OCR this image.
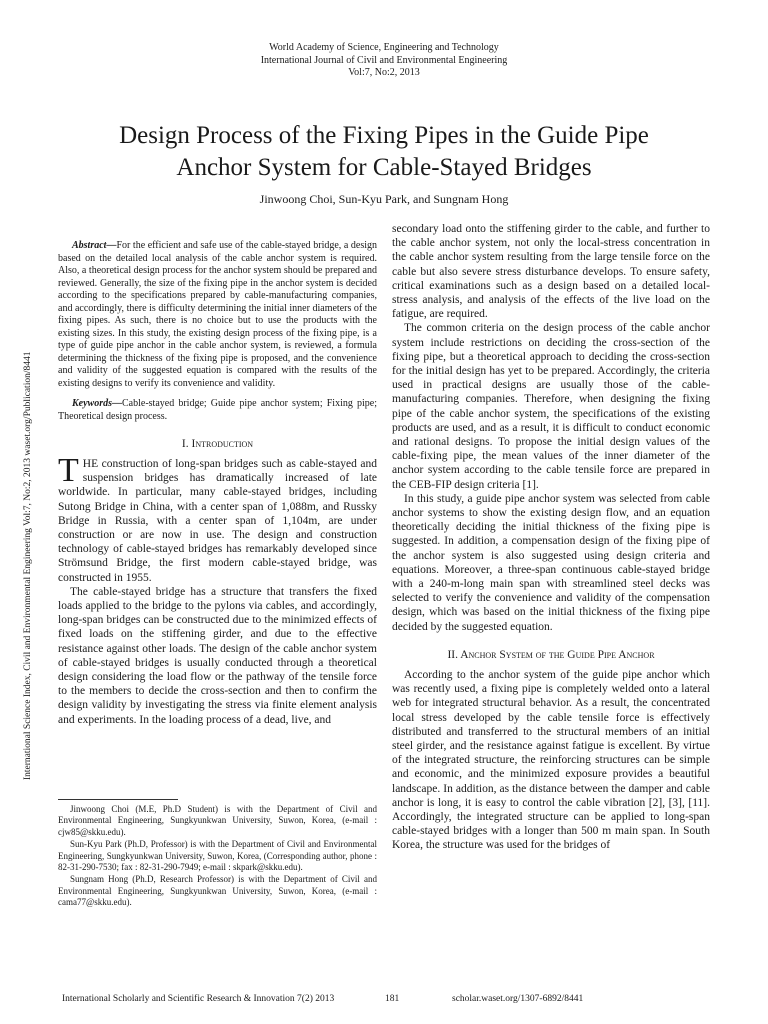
World Academy of Science, Engineering and Technology
International Journal of Civil and Environmental Engineering
Vol:7, No:2, 2013
Design Process of the Fixing Pipes in the Guide Pipe
Anchor System for Cable-Stayed Bridges
Jinwoong Choi, Sun-Kyu Park, and Sungnam Hong
International Science Index, Civil and Environmental Engineering Vol:7, No:2, 2013 waset.org/Publication/8441

Abstract—For the efficient and safe use of the cable-stayed bridge, a design based on the detailed local analysis of the cable anchor system is required. Also, a theoretical design process for the anchor system should be prepared and reviewed. Generally, the size of the fixing pipe in the anchor system is decided according to the specifications prepared by cable-manufacturing companies, and accordingly, there is difficulty determining the initial inner diameters of the fixing pipes. As such, there is no choice but to use the products with the existing sizes. In this study, the existing design process of the fixing pipe, is a type of guide pipe anchor in the cable anchor system, is reviewed, a formula determining the thickness of the fixing pipe is proposed, and the convenience and validity of the suggested equation is compared with the results of the existing designs to verify its convenience and validity.

Keywords—Cable-stayed bridge; Guide pipe anchor system; Fixing pipe; Theoretical design process.

I. Introduction

THE construction of long-span bridges such as cable-stayed and suspension bridges has dramatically increased of late worldwide. In particular, many cable-stayed bridges, including Sutong Bridge in China, with a center span of 1,088m, and Russky Bridge in Russia, with a center span of 1,104m, are under construction or are now in use. The design and construction technology of cable-stayed bridges has remarkably developed since Strömsund Bridge, the first modern cable-stayed bridge, was constructed in 1955.

The cable-stayed bridge has a structure that transfers the fixed loads applied to the bridge to the pylons via cables, and accordingly, long-span bridges can be constructed due to the minimized effects of fixed loads on the stiffening girder, and due to the effective resistance against other loads. The design of the cable anchor system of cable-stayed bridges is usually conducted through a theoretical design considering the load flow or the pathway of the tensile force to the members to decide the cross-section and then to confirm the design validity by investigating the stress via finite element analysis and experiments. In the loading process of a dead, live, and

Jinwoong Choi (M.E, Ph.D Student) is with the Department of Civil and Environmental Engineering, Sungkyunkwan University, Suwon, Korea, (e-mail : cjw85@skku.edu).

Sun-Kyu Park (Ph.D, Professor) is with the Department of Civil and Environmental Engineering, Sungkyunkwan University, Suwon, Korea, (Corresponding author, phone : 82-31-290-7530; fax : 82-31-290-7949; e-mail : skpark@skku.edu).

Sungnam Hong (Ph.D, Research Professor) is with the Department of Civil and Environmental Engineering, Sungkyunkwan University, Suwon, Korea, (e-mail : cama77@skku.edu).

secondary load onto the stiffening girder to the cable, and further to the cable anchor system, not only the local-stress concentration in the cable anchor system resulting from the large tensile force on the cable but also severe stress disturbance develops. To ensure safety, critical examinations such as a design based on a detailed local-stress analysis, and analysis of the effects of the live load on the fatigue, are required.

The common criteria on the design process of the cable anchor system include restrictions on deciding the cross-section of the fixing pipe, but a theoretical approach to deciding the cross-section for the initial design has yet to be prepared. Accordingly, the criteria used in practical designs are usually those of the cable-manufacturing companies. Therefore, when designing the fixing pipe of the cable anchor system, the specifications of the existing products are used, and as a result, it is difficult to conduct economic and rational designs. To propose the initial design values of the cable-fixing pipe, the mean values of the inner diameter of the anchor system according to the cable tensile force are prepared in the CEB-FIP design criteria [1].

In this study, a guide pipe anchor system was selected from cable anchor systems to show the existing design flow, and an equation theoretically deciding the initial thickness of the fixing pipe is suggested. In addition, a compensation design of the fixing pipe of the anchor system is also suggested using design criteria and equations. Moreover, a three-span continuous cable-stayed bridge with a 240-m-long main span with streamlined steel decks was selected to verify the convenience and validity of the compensation design, which was based on the initial thickness of the fixing pipe decided by the suggested equation.

II. Anchor System of the Guide Pipe Anchor

According to the anchor system of the guide pipe anchor which was recently used, a fixing pipe is completely welded onto a lateral web for integrated structural behavior. As a result, the concentrated local stress developed by the cable tensile force is effectively distributed and transferred to the structural members of an initial steel girder, and the resistance against fatigue is excellent. By virtue of the integrated structure, the reinforcing structures can be simple and economic, and the minimized exposure provides a beautiful landscape. In addition, as the distance between the damper and cable anchor is long, it is easy to control the cable vibration [2], [3], [11]. Accordingly, the integrated structure can be applied to long-span cable-stayed bridges with a longer than 500 m main span. In South Korea, the structure was used for the bridges of

International Scholarly and Scientific Research & Innovation 7(2) 2013	181	scholar.waset.org/1307-6892/8441
